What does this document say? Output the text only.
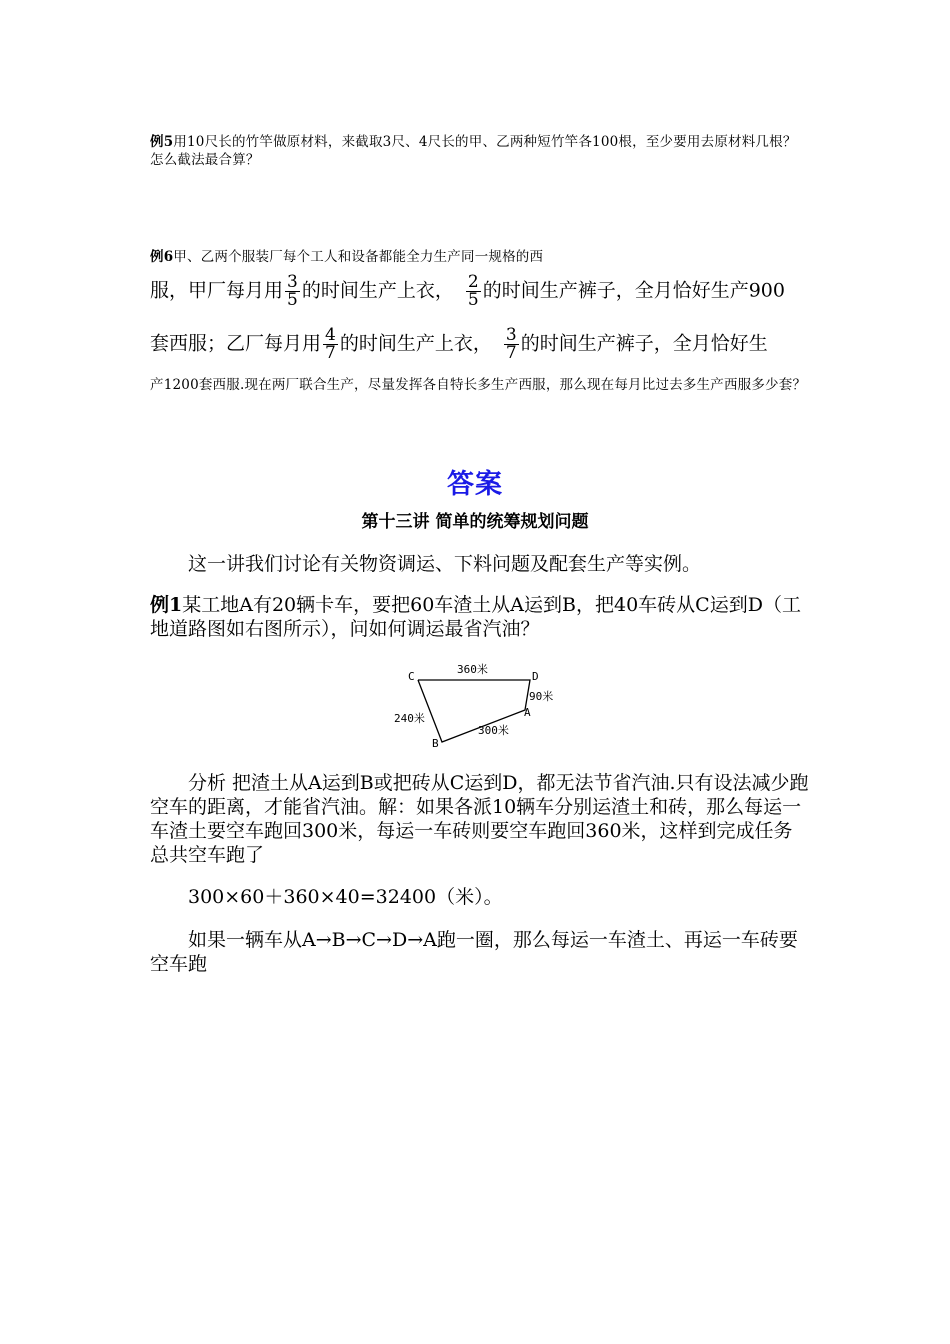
例5用10尺长的竹竿做原材料，来截取3尺、4尺长的甲、乙两种短竹竿各100根，至少要用去原材料几根？怎么截法最合算？
例6甲、乙两个服装厂每个工人和设备都能全力生产同一规格的西
服，甲厂每月用 $\frac{3}{5}$ 的时间生产上衣， $\frac{2}{5}$ 的时间生产裤子，全月恰好生产900
套西服；乙厂每月用 $\frac{4}{7}$ 的时间生产上衣， $\frac{3}{7}$ 的时间生产裤子，全月恰好生
产1200套西服.现在两厂联合生产，尽量发挥各自特长多生产西服，那么现在每月比过去多生产西服多少套？
答案
第十三讲 简单的统筹规划问题
这一讲我们讨论有关物资调运、下料问题及配套生产等实例。
例1某工地A有20辆卡车，要把60车渣土从A运到B，把40车砖从C运到D（工地道路图如右图所示），问如何调运最省汽油？
C	D
A
B
360米
90米
240米
300米
分析 把渣土从A运到B或把砖从C运到D，都无法节省汽油.只有设法减少跑空车的距离，才能省汽油。解：如果各派10辆车分别运渣土和砖，那么每运一车渣土要空车跑回300米，每运一车砖则要空车跑回360米，这样到完成任务总共空车跑了
300×60＋360×40=32400（米）。
如果一辆车从A→B→C→D→A跑一圈，那么每运一车渣土、再运一车砖要空车跑
